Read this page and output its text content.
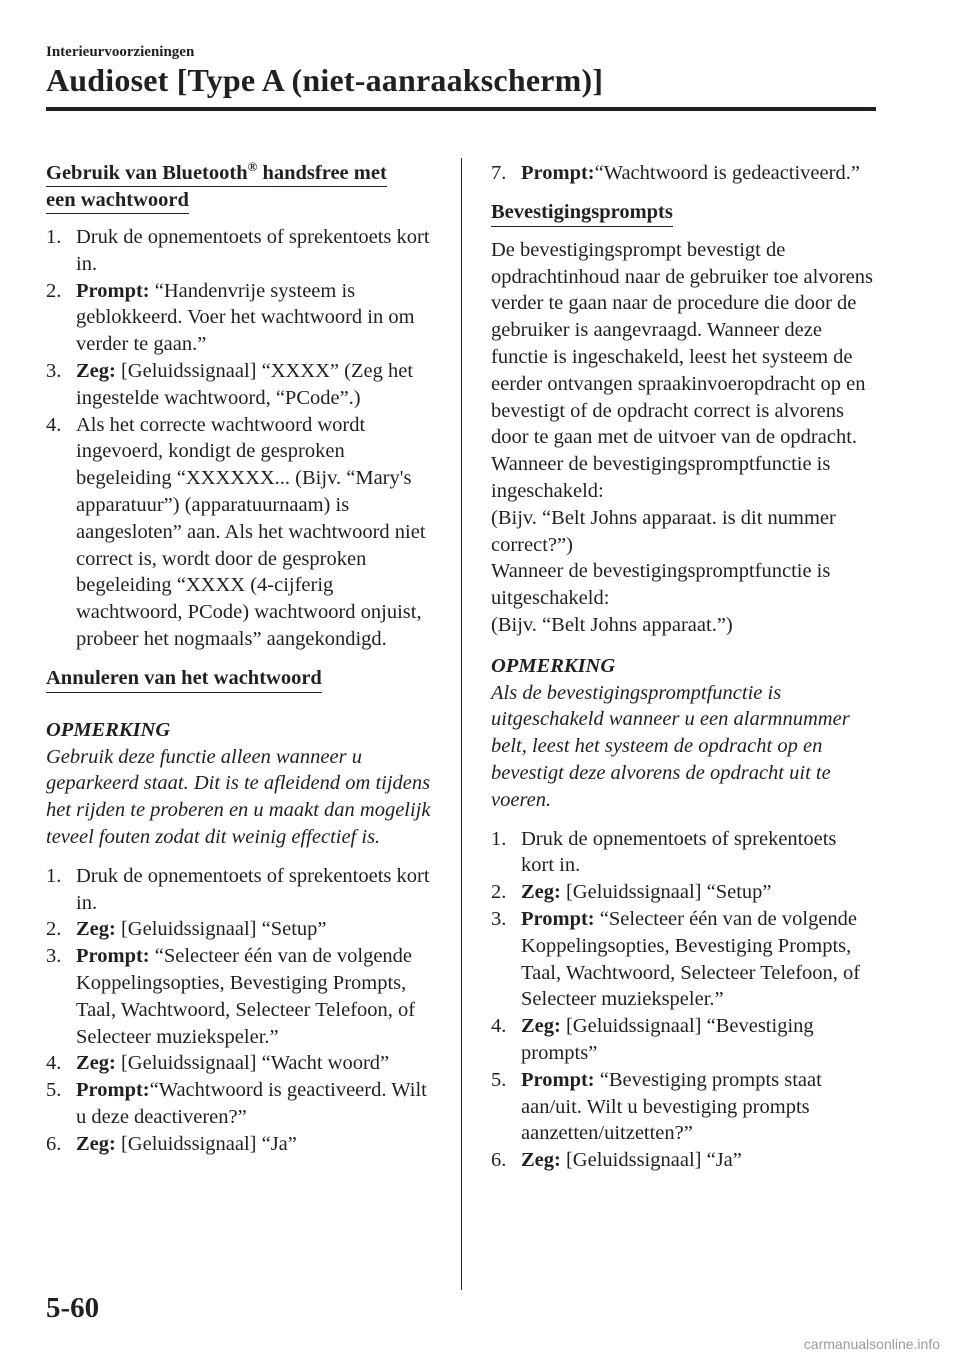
Interieurvoorzieningen
Audioset [Type A (niet-aanraakscherm)]
Gebruik van Bluetooth® handsfree met
een wachtwoord
1. Druk de opnementoets of sprekentoets kort in.
2. Prompt: “Handenvrije systeem is geblokkeerd. Voer het wachtwoord in om verder te gaan.”
3. Zeg: [Geluidssignaal] “XXXX” (Zeg het ingestelde wachtwoord, “PCode”.)
4. Als het correcte wachtwoord wordt ingevoerd, kondigt de gesproken begeleiding “XXXXXX... (Bijv. “Mary's apparatuur”) (apparatuurnaam) is aangesloten” aan. Als het wachtwoord niet correct is, wordt door de gesproken begeleiding “XXXX (4-cijferig wachtwoord, PCode) wachtwoord onjuist, probeer het nogmaals” aangekondigd.
Annuleren van het wachtwoord
OPMERKING
Gebruik deze functie alleen wanneer u geparkeerd staat. Dit is te afleidend om tijdens het rijden te proberen en u maakt dan mogelijk teveel fouten zodat dit weinig effectief is.
1. Druk de opnementoets of sprekentoets kort in.
2. Zeg: [Geluidssignaal] “Setup”
3. Prompt: “Selecteer één van de volgende Koppelingsopties, Bevestiging Prompts, Taal, Wachtwoord, Selecteer Telefoon, of Selecteer muziekspeler.”
4. Zeg: [Geluidssignaal] “Wacht woord”
5. Prompt:“Wachtwoord is geactiveerd. Wilt u deze deactiveren?”
6. Zeg: [Geluidssignaal] “Ja”
7. Prompt:“Wachtwoord is gedeactiveerd.”
Bevestigingsprompts

De bevestigingsprompt bevestigt de opdrachtinhoud naar de gebruiker toe alvorens verder te gaan naar de procedure die door de gebruiker is aangevraagd. Wanneer deze functie is ingeschakeld, leest het systeem de eerder ontvangen spraakinvoeropdracht op en bevestigt of de opdracht correct is alvorens door te gaan met de uitvoer van de opdracht.

Wanneer de bevestigingspromptfunctie is ingeschakeld:

(Bijv. “Belt Johns apparaat. is dit nummer correct?”)

Wanneer de bevestigingspromptfunctie is uitgeschakeld:

(Bijv. “Belt Johns apparaat.”)

OPMERKING
Als de bevestigingspromptfunctie is uitgeschakeld wanneer u een alarmnummer belt, leest het systeem de opdracht op en bevestigt deze alvorens de opdracht uit te voeren.
1. Druk de opnementoets of sprekentoets kort in.
2. Zeg: [Geluidssignaal] “Setup”
3. Prompt: “Selecteer één van de volgende Koppelingsopties, Bevestiging Prompts, Taal, Wachtwoord, Selecteer Telefoon, of Selecteer muziekspeler.”
4. Zeg: [Geluidssignaal] “Bevestiging prompts”
5. Prompt: “Bevestiging prompts staat aan/uit. Wilt u bevestiging prompts aanzetten/uitzetten?”
6. Zeg: [Geluidssignaal] “Ja”
5-60
carmanualsonline.info
